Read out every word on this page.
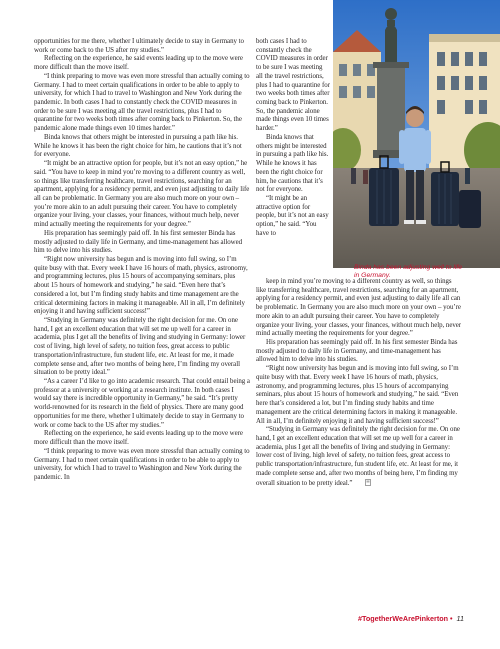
opportunities for me there, whether I ultimately decide to stay in Germany to work or come back to the US after my studies.”

Reflecting on the experience, he said events leading up to the move were more difficult than the move itself.

“I think preparing to move was even more stressful than actually coming to Germany. I had to meet certain qualifications in order to be able to apply to university, for which I had to travel to Washington and New York during the pandemic. In both cases I had to constantly check the COVID measures in order to be sure I was meeting all the travel restrictions, plus I had to quarantine for two weeks both times after coming back to Pinkerton. So, the pandemic alone made things even 10 times harder.”

Binda knows that others might be interested in pursuing a path like his. While he knows it has been the right choice for him, he cautions that it’s not for everyone.

“It might be an attractive option for people, but it’s not an easy option,” he said. “You have to keep in mind you’re moving to a different country as well, so things like transferring healthcare, travel restrictions, searching for an apartment, applying for a residency permit, and even just adjusting to daily life all can be problematic. In Germany you are also much more on your own – you’re more akin to an adult pursuing their career. You have to completely organize your living, your classes, your finances, without much help, never mind actually meeting the requirements for your degree.”

His preparation has seemingly paid off. In his first semester Binda has mostly adjusted to daily life in Germany, and time-management has allowed him to delve into his studies.

“Right now university has begun and is moving into full swing, so I’m quite busy with that. Every week I have 16 hours of math, physics, astronomy, and programming lectures, plus 15 hours of accompanying seminars, plus about 15 hours of homework and studying,” he said. “Even here that’s considered a lot, but I’m finding study habits and time management are the critical determining factors in making it manageable. All in all, I’m definitely enjoying it and having sufficient success!”

“Studying in Germany was definitely the right decision for me. On one hand, I get an excellent education that will set me up well for a career in academia, plus I get all the benefits of living and studying in Germany: lower cost of living, high level of safety, no tuition fees, great access to public transportation/infrastructure, fun student life, etc. At least for me, it made complete sense and, after two months of being here, I’m finding my overall situation to be pretty ideal.”

“As a career I’d like to go into academic research. That could entail being a professor at a university or working at a research institute. In both cases I would say there is incredible opportunity in Germany,” he said. “It’s pretty world-renowned for its research in the field of physics. There are many good opportunities for me there, whether I ultimately decide to stay in Germany to work or come back to the US after my studies.”

Reflecting on the experience, he said events leading up to the move were more difficult than the move itself.

“I think preparing to move was even more stressful than actually coming to Germany. I had to meet certain qualifications in order to be able to apply to university, for which I had to travel to Washington and New York during the pandemic. In

both cases I had to constantly check the COVID measures in order to be sure I was meeting all the travel restrictions, plus I had to quarantine for two weeks both times after coming back to Pinkerton. So, the pandemic alone made things even 10 times harder.”

Binda knows that others might be interested in pursuing a path like his. While he knows it has been the right choice for him, he cautions that it’s not for everyone.

“It might be an attractive option for people, but it’s not an easy option,” he said. “You have to

Binda has been adjusting well to life in Germany.

keep in mind you’re moving to a different country as well, so things like transferring healthcare, travel restrictions, searching for an apartment, applying for a residency permit, and even just adjusting to daily life all can be problematic. In Germany you are also much more on your own – you’re more akin to an adult pursuing their career. You have to completely organize your living, your classes, your finances, without much help, never mind actually meeting the requirements for your degree.”

His preparation has seemingly paid off. In his first semester Binda has mostly adjusted to daily life in Germany, and time-management has allowed him to delve into his studies.

“Right now university has begun and is moving into full swing, so I’m quite busy with that. Every week I have 16 hours of math, physics, astronomy, and programming lectures, plus 15 hours of accompanying seminars, plus about 15 hours of homework and studying,” he said. “Even here that’s considered a lot, but I’m finding study habits and time management are the critical determining factors in making it manageable. All in all, I’m definitely enjoying it and having sufficient success!”

“Studying in Germany was definitely the right decision for me. On one hand, I get an excellent education that will set me up well for a career in academia, plus I get all the benefits of living and studying in Germany: lower cost of living, high level of safety, no tuition fees, great access to public transportation/infrastructure, fun student life, etc. At least for me, it made complete sense and, after two months of being here, I’m finding my overall situation to be pretty ideal.”

#TogetherWeArePinkerton • 11
